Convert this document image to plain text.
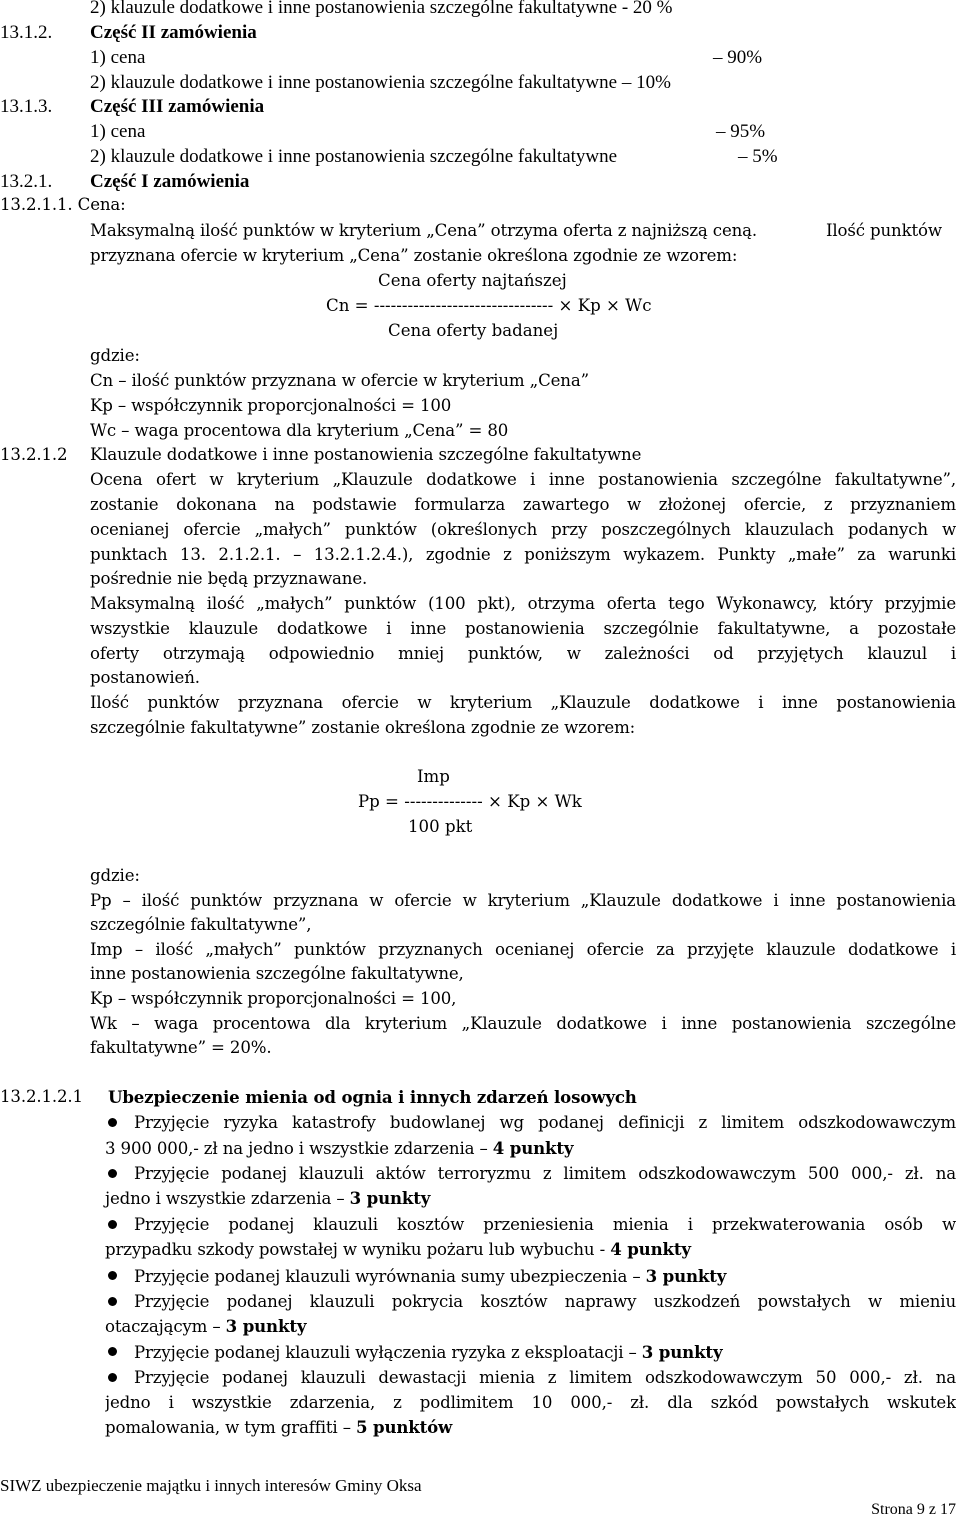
2) klauzule dodatkowe i inne postanowienia szczególne fakultatywne - 20 %
13.1.2. Część II zamówienia
1) cena	– 90%
2) klauzule dodatkowe i inne postanowienia szczególne fakultatywne – 10%
13.1.3. Część III zamówienia
1) cena	– 95%
2) klauzule dodatkowe i inne postanowienia szczególne fakultatywne	– 5%
13.2.1. Część I zamówienia
13.2.1.1. Cena:
Maksymalną ilość punktów w kryterium „Cena” otrzyma oferta z najniższą ceną.	Ilość punktów
przyznana ofercie w kryterium „Cena” zostanie określona zgodnie ze wzorem:
Cena oferty najtańszej
Cn = -------------------------------- × Kp × Wc
Cena oferty badanej
gdzie:
Cn – ilość punktów przyznana w ofercie w kryterium „Cena”
Kp – współczynnik proporcjonalności = 100
Wc – waga procentowa dla kryterium „Cena” = 80
13.2.1.2 Klauzule dodatkowe i inne postanowienia szczególne fakultatywne
Ocena ofert w kryterium „Klauzule dodatkowe i inne postanowienia szczególne fakultatywne”,
zostanie dokonana na podstawie formularza zawartego w złożonej ofercie, z przyznaniem
ocenianej ofercie „małych” punktów (określonych przy poszczególnych klauzulach podanych w
punktach 13. 2.1.2.1. – 13.2.1.2.4.), zgodnie z poniższym wykazem. Punkty „małe” za warunki
pośrednie nie będą przyznawane.
Maksymalną ilość „małych” punktów (100 pkt), otrzyma oferta tego Wykonawcy, który przyjmie
wszystkie klauzule dodatkowe i inne postanowienia szczególnie fakultatywne, a pozostałe
oferty otrzymają odpowiednio mniej punktów, w zależności od przyjętych klauzul i
postanowień.
Ilość punktów przyznana ofercie w kryterium „Klauzule dodatkowe i inne postanowienia
szczególnie fakultatywne” zostanie określona zgodnie ze wzorem:
Imp
Pp = -------------- × Kp × Wk
100 pkt
gdzie:
Pp – ilość punktów przyznana w ofercie w kryterium „Klauzule dodatkowe i inne postanowienia
szczególnie fakultatywne”,
Imp – ilość „małych” punktów przyznanych ocenianej ofercie za przyjęte klauzule dodatkowe i
inne postanowienia szczególne fakultatywne,
Kp – współczynnik proporcjonalności = 100,
Wk – waga procentowa dla kryterium „Klauzule dodatkowe i inne postanowienia szczególne
fakultatywne” = 20%.
13.2.1.2.1 Ubezpieczenie mienia od ognia i innych zdarzeń losowych
Przyjęcie ryzyka katastrofy budowlanej wg podanej definicji z limitem odszkodowawczym
3 900 000,- zł na jedno i wszystkie zdarzenia – 4 punkty
Przyjęcie podanej klauzuli aktów terroryzmu z limitem odszkodowawczym 500 000,- zł. na
jedno i wszystkie zdarzenia – 3 punkty
Przyjęcie podanej klauzuli kosztów przeniesienia mienia i przekwaterowania osób w
przypadku szkody powstałej w wyniku pożaru lub wybuchu - 4 punkty
Przyjęcie podanej klauzuli wyrównania sumy ubezpieczenia – 3 punkty
Przyjęcie podanej klauzuli pokrycia kosztów naprawy uszkodzeń powstałych w mieniu
otaczającym – 3 punkty
Przyjęcie podanej klauzuli wyłączenia ryzyka z eksploatacji – 3 punkty
Przyjęcie podanej klauzuli dewastacji mienia z limitem odszkodowawczym 50 000,- zł. na
jedno i wszystkie zdarzenia, z podlimitem 10 000,- zł. dla szkód powstałych wskutek
pomalowania, w tym graffiti – 5 punktów
SIWZ ubezpieczenie majątku i innych interesów Gminy Oksa
Strona 9 z 17
